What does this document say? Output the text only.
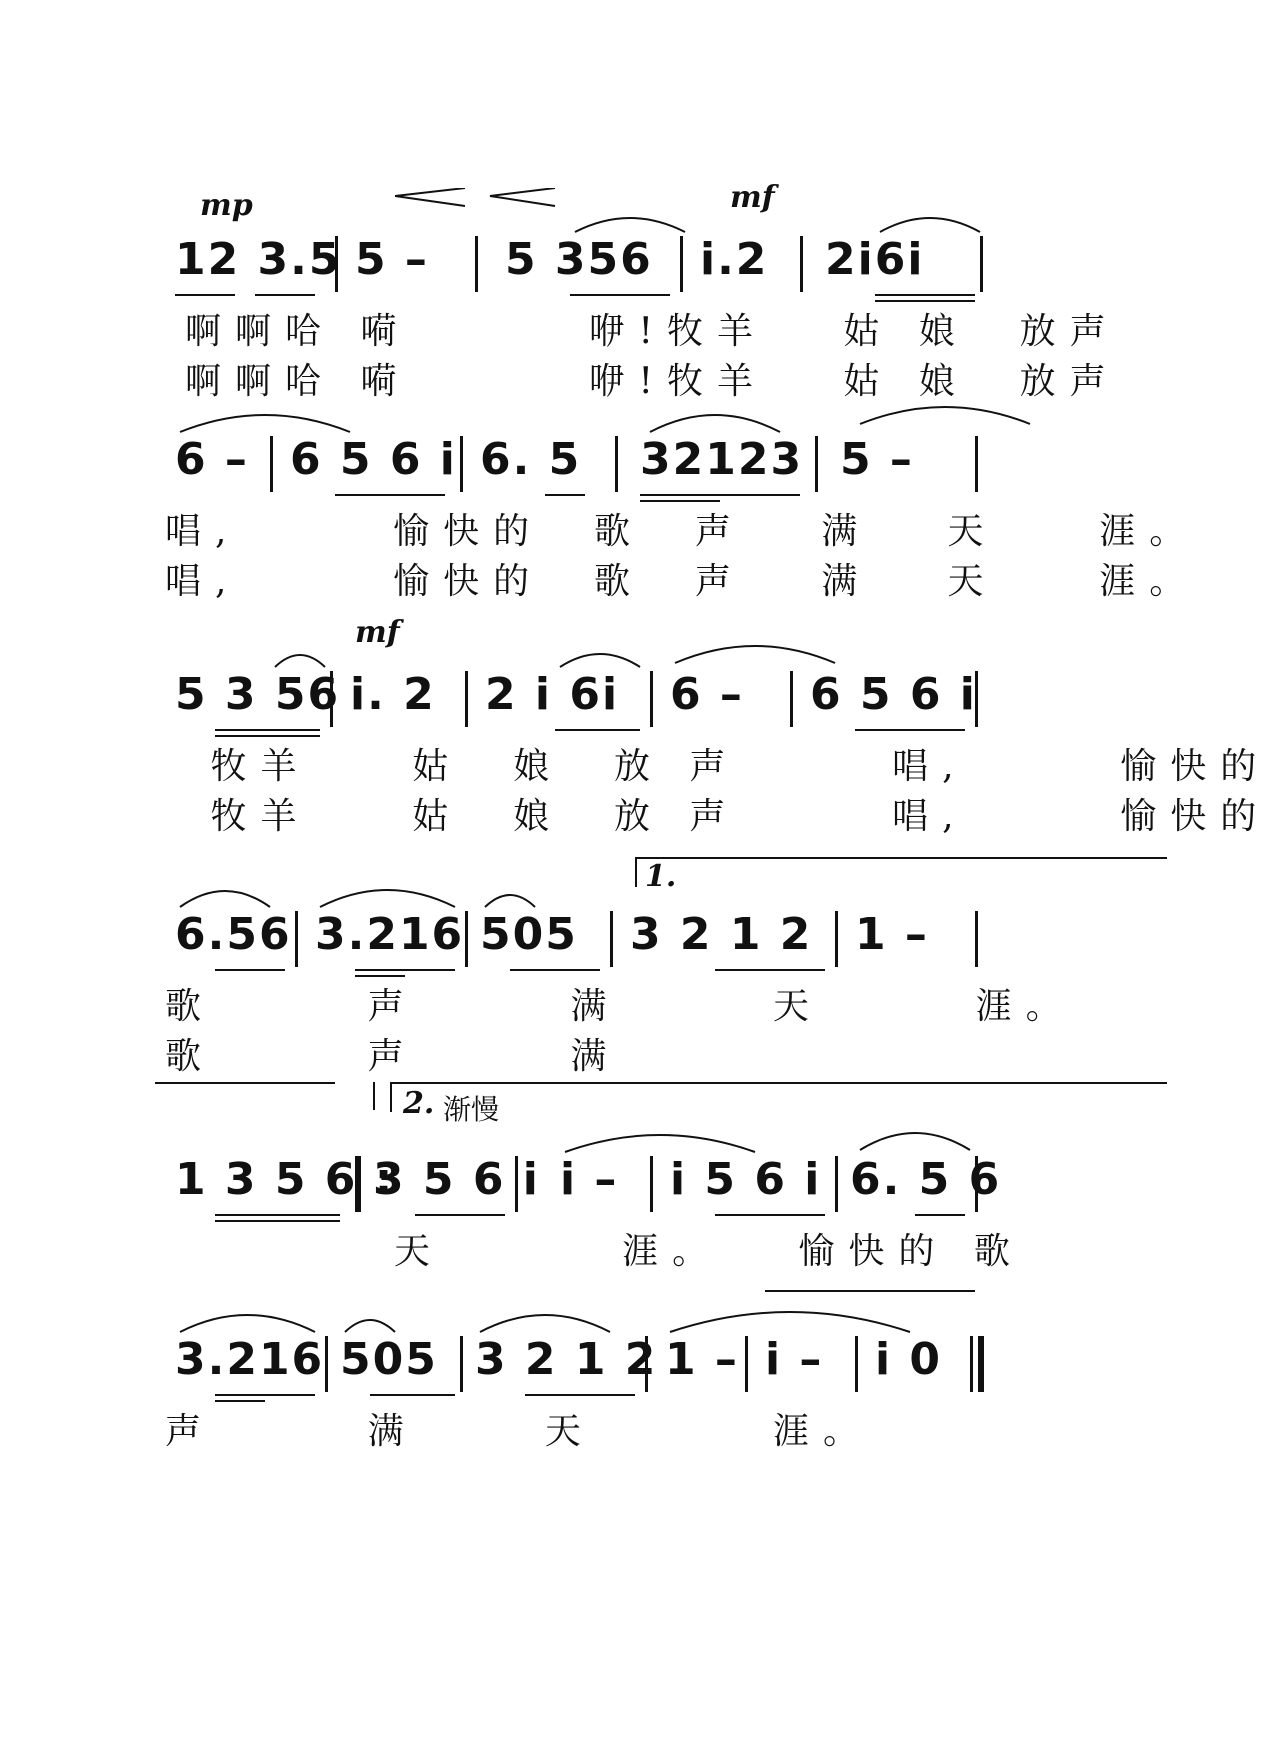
mp	mf
12 3.5 5 – 5 356 i.2 2i6i
啊啊哈 嗬       咿!牧羊   姑 娘  放声
啊啊哈 嗬       咿!牧羊   姑 娘  放声
6 – 6 5 6 i 6. 5 32123 5 –
唱,      愉快的  歌  声   满   天    涯。
唱,      愉快的  歌  声   满   天    涯。
mf
5 3 56 i. 2 2 i 6i 6 – 6 5 6 i
牧羊    姑  娘  放 声      唱,      愉快的
牧羊    姑  娘  放 声      唱,      愉快的
1.
6.56 3.216 505 3 2 1 2 1 –
歌      声      满      天      涯。
歌      声      满
2. 渐慢
1 3 5 6 :
3 5 6 i i – i 5 6 i 6. 5 6
天       涯。   愉快的 歌
3.216 505 3 2 1 2 1 – i – i 0
声      满     天       涯。
